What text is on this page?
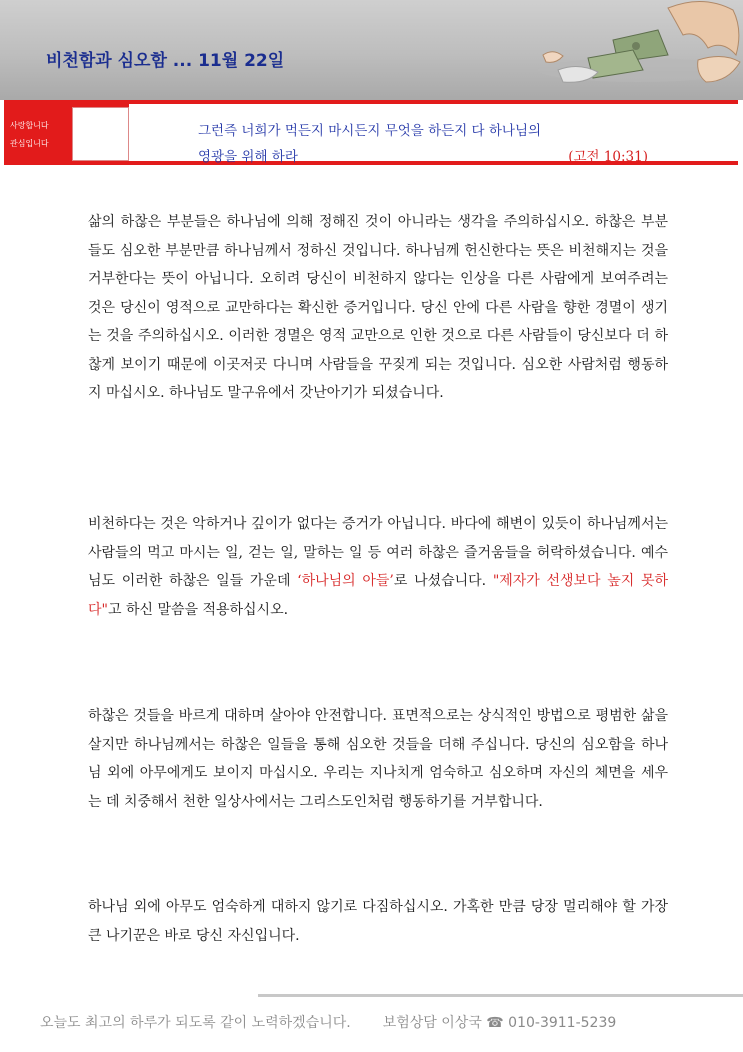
비천함과 심오함 ... 11월 22일
사랑합니다
관심입니다
그런즉 너희가 먹든지 마시든지 무엇을 하든지 다 하나님의
영광을 위해 하라	(고전 10:31)
삶의 하찮은 부분들은 하나님에 의해 정해진 것이 아니라는 생각을 주의하십시오. 하찮은 부분들도 심오한 부분만큼 하나님께서 정하신 것입니다. 하나님께 헌신한다는 뜻은 비천해지는 것을 거부한다는 뜻이 아닙니다. 오히려 당신이 비천하지 않다는 인상을 다른 사람에게 보여주려는 것은 당신이 영적으로 교만하다는 확신한 증거입니다. 당신 안에 다른 사람을 향한 경멸이 생기는 것을 주의하십시오. 이러한 경멸은 영적 교만으로 인한 것으로 다른 사람들이 당신보다 더 하찮게 보이기 때문에 이곳저곳 다니며 사람들을 꾸짖게 되는 것입니다. 심오한 사람처럼 행동하지 마십시오. 하나님도 말구유에서 갓난아기가 되셨습니다.
비천하다는 것은 악하거나 깊이가 없다는 증거가 아닙니다. 바다에 해변이 있듯이 하나님께서는 사람들의 먹고 마시는 일, 걷는 일, 말하는 일 등 여러 하찮은 즐거움들을 허락하셨습니다. 예수님도 이러한 하찮은 일들 가운데 ‘하나님의 아들’로 나셨습니다. "제자가 선생보다 높지 못하다"고 하신 말씀을 적용하십시오.
하찮은 것들을 바르게 대하며 살아야 안전합니다. 표면적으로는 상식적인 방법으로 평범한 삶을 살지만 하나님께서는 하찮은 일들을 통해 심오한 것들을 더해 주십니다. 당신의 심오함을 하나님 외에 아무에게도 보이지 마십시오. 우리는 지나치게 엄숙하고 심오하며 자신의 체면을 세우는 데 치중해서 천한 일상사에서는 그리스도인처럼 행동하기를 거부합니다.
하나님 외에 아무도 엄숙하게 대하지 않기로 다짐하십시오. 가혹한 만큼 당장 멀리해야 할 가장 큰 나기꾼은 바로 당신 자신입니다.
오늘도 최고의 하루가 되도록 같이 노력하겠습니다. 보험상담 이상국 ☎ 010-3911-5239
